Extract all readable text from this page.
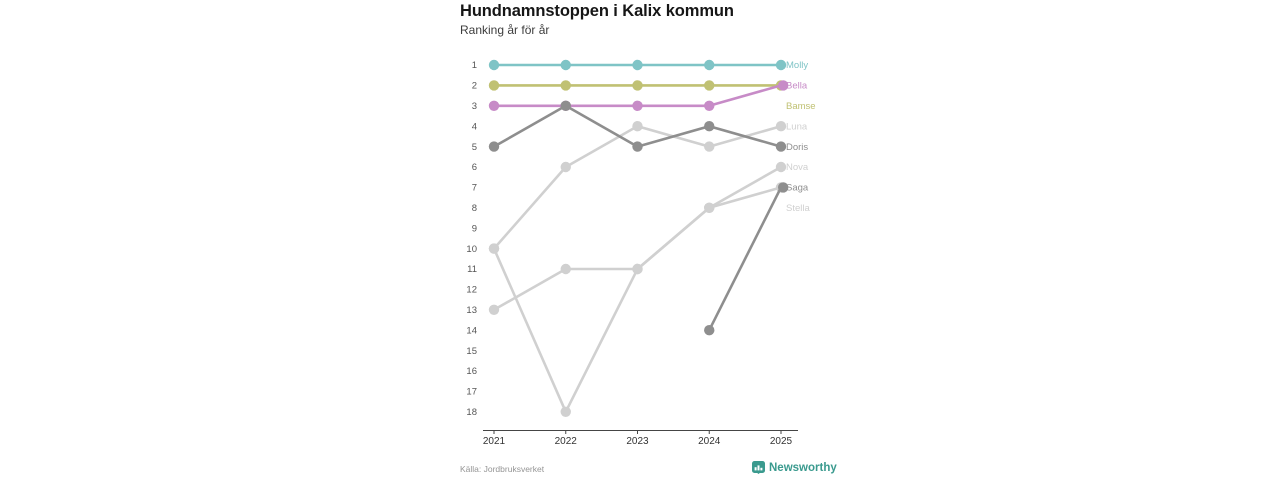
Hundnamnstoppen i Kalix kommun
Ranking år för år
1
2
3
4
5
6
7
8
9
10
11
12
13
14
15
16
17
18
2021	2022	2023	2024	2025
Molly
Bamse
Bella
Luna
Doris
Nova
Saga
Stella
Källa: Jordbruksverket	Newsworthy
